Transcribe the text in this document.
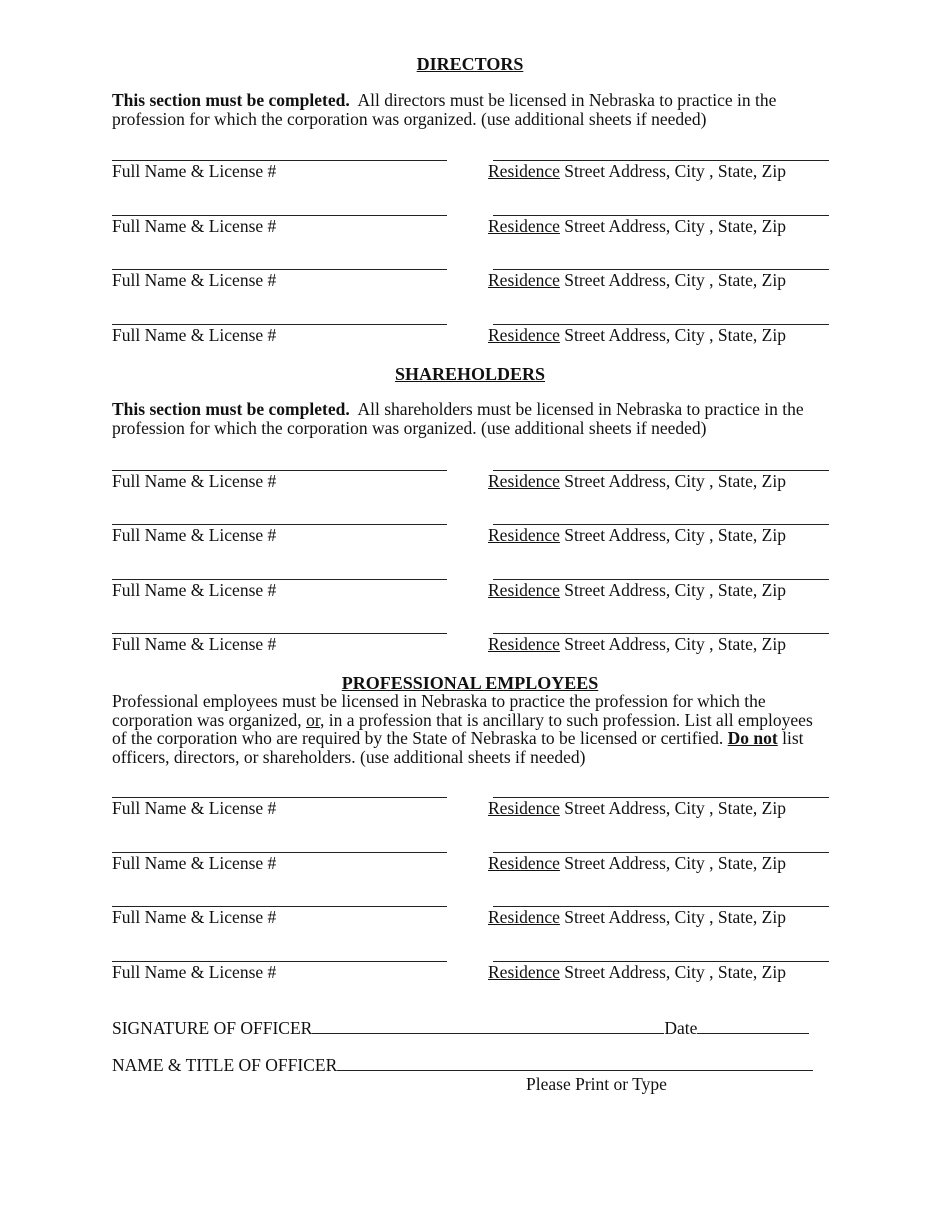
DIRECTORS
This section must be completed. All directors must be licensed in Nebraska to practice in the profession for which the corporation was organized. (use additional sheets if needed)
Full Name & License #	Residence Street Address, City , State, Zip
Full Name & License #	Residence Street Address, City , State, Zip
Full Name & License #	Residence Street Address, City , State, Zip
Full Name & License #	Residence Street Address, City , State, Zip
SHAREHOLDERS
This section must be completed. All shareholders must be licensed in Nebraska to practice in the profession for which the corporation was organized. (use additional sheets if needed)
Full Name & License #	Residence Street Address, City , State, Zip
Full Name & License #	Residence Street Address, City , State, Zip
Full Name & License #	Residence Street Address, City , State, Zip
Full Name & License #	Residence Street Address, City , State, Zip
PROFESSIONAL EMPLOYEES
Professional employees must be licensed in Nebraska to practice the profession for which the corporation was organized, or, in a profession that is ancillary to such profession. List all employees of the corporation who are required by the State of Nebraska to be licensed or certified. Do not list officers, directors, or shareholders. (use additional sheets if needed)
Full Name & License #	Residence Street Address, City , State, Zip
Full Name & License #	Residence Street Address, City , State, Zip
Full Name & License #	Residence Street Address, City , State, Zip
Full Name & License #	Residence Street Address, City , State, Zip
SIGNATURE OF OFFICER	Date
NAME & TITLE OF OFFICER
Please Print or Type
